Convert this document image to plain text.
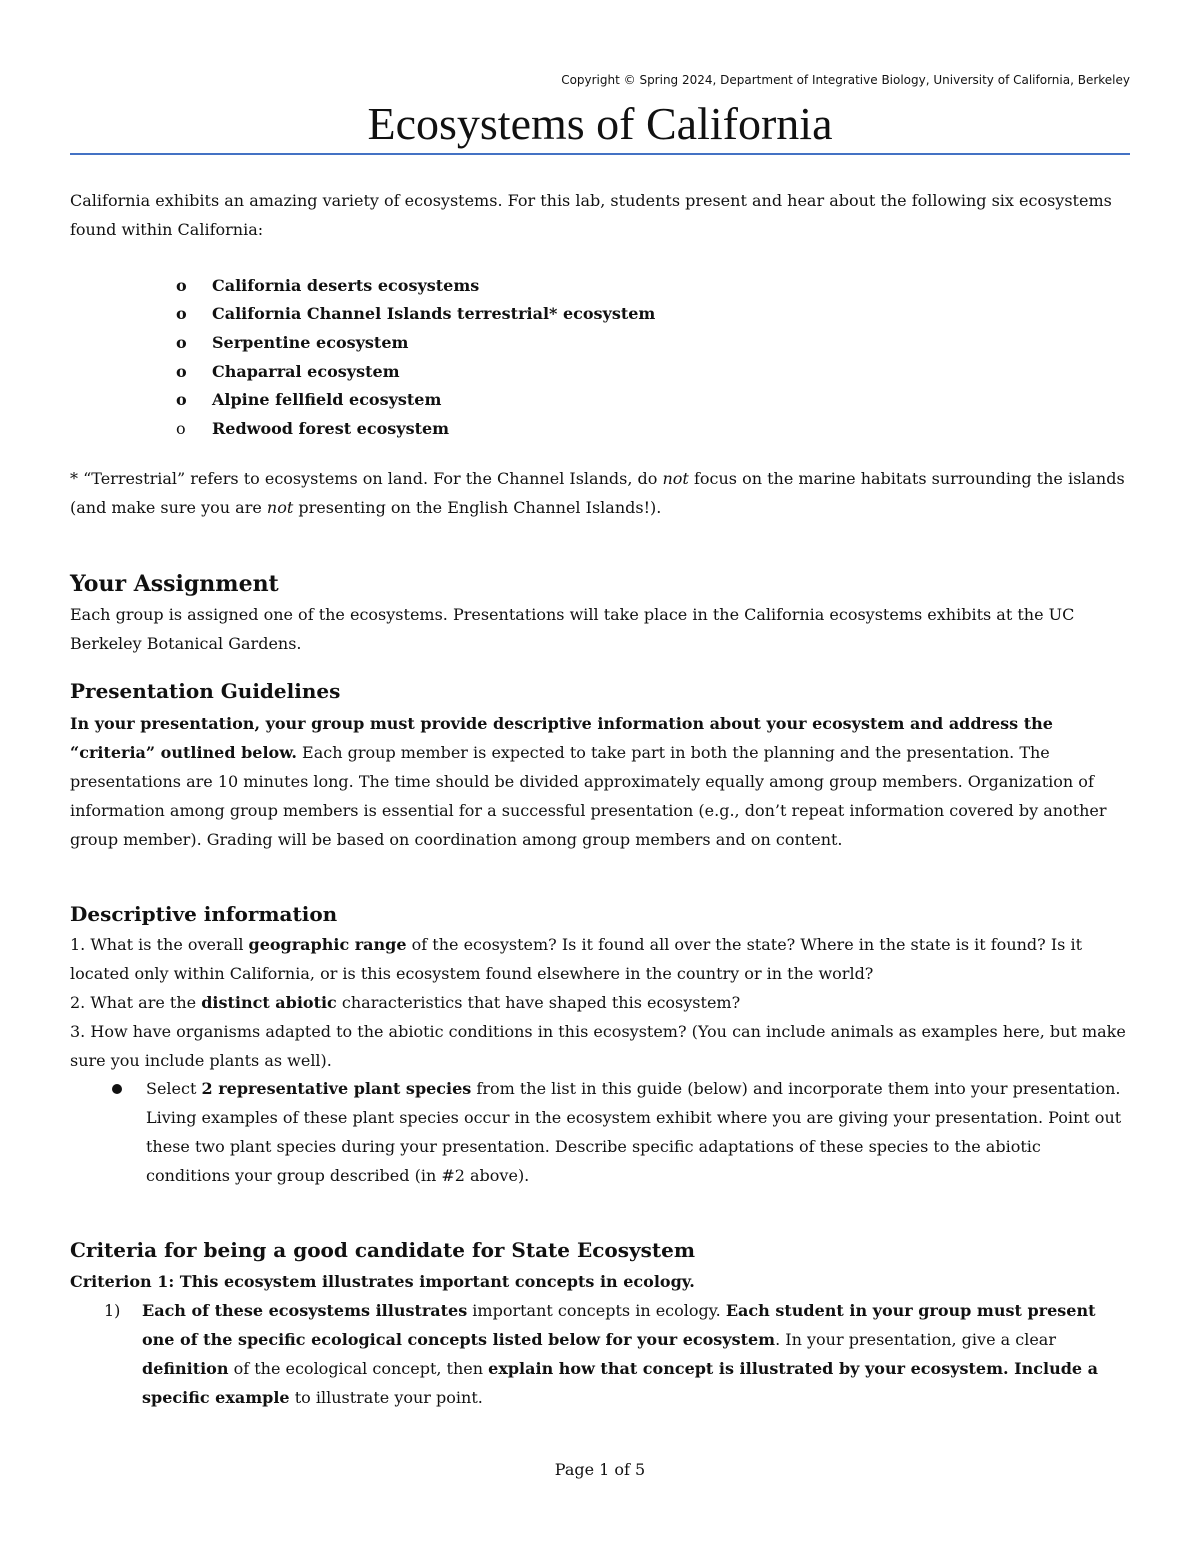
Copyright © Spring 2024, Department of Integrative Biology, University of California, Berkeley
Ecosystems of California

California exhibits an amazing variety of ecosystems. For this lab, students present and hear about the following six ecosystems found within California:

o California deserts ecosystems
o California Channel Islands terrestrial* ecosystem
o Serpentine ecosystem
o Chaparral ecosystem
o Alpine fellfield ecosystem
o Redwood forest ecosystem

* “Terrestrial” refers to ecosystems on land. For the Channel Islands, do not focus on the marine habitats surrounding the islands (and make sure you are not presenting on the English Channel Islands!).

Your Assignment

Each group is assigned one of the ecosystems. Presentations will take place in the California ecosystems exhibits at the UC Berkeley Botanical Gardens.

Presentation Guidelines

In your presentation, your group must provide descriptive information about your ecosystem and address the “criteria” outlined below. Each group member is expected to take part in both the planning and the presentation. The presentations are 10 minutes long. The time should be divided approximately equally among group members. Organization of information among group members is essential for a successful presentation (e.g., don’t repeat information covered by another group member). Grading will be based on coordination among group members and on content.

Descriptive information
1. What is the overall geographic range of the ecosystem? Is it found all over the state? Where in the state is it found? Is it located only within California, or is this ecosystem found elsewhere in the country or in the world?
2. What are the distinct abiotic characteristics that have shaped this ecosystem?
3. How have organisms adapted to the abiotic conditions in this ecosystem? (You can include animals as examples here, but make sure you include plants as well).

Select 2 representative plant species from the list in this guide (below) and incorporate them into your presentation. Living examples of these plant species occur in the ecosystem exhibit where you are giving your presentation. Point out these two plant species during your presentation. Describe specific adaptations of these species to the abiotic conditions your group described (in #2 above).

Criteria for being a good candidate for State Ecosystem
Criterion 1: This ecosystem illustrates important concepts in ecology.
1)	Each of these ecosystems illustrates important concepts in ecology. Each student in your group must present one of the specific ecological concepts listed below for your ecosystem. In your presentation, give a clear definition of the ecological concept, then explain how that concept is illustrated by your ecosystem. Include a specific example to illustrate your point.

Page 1 of 5
